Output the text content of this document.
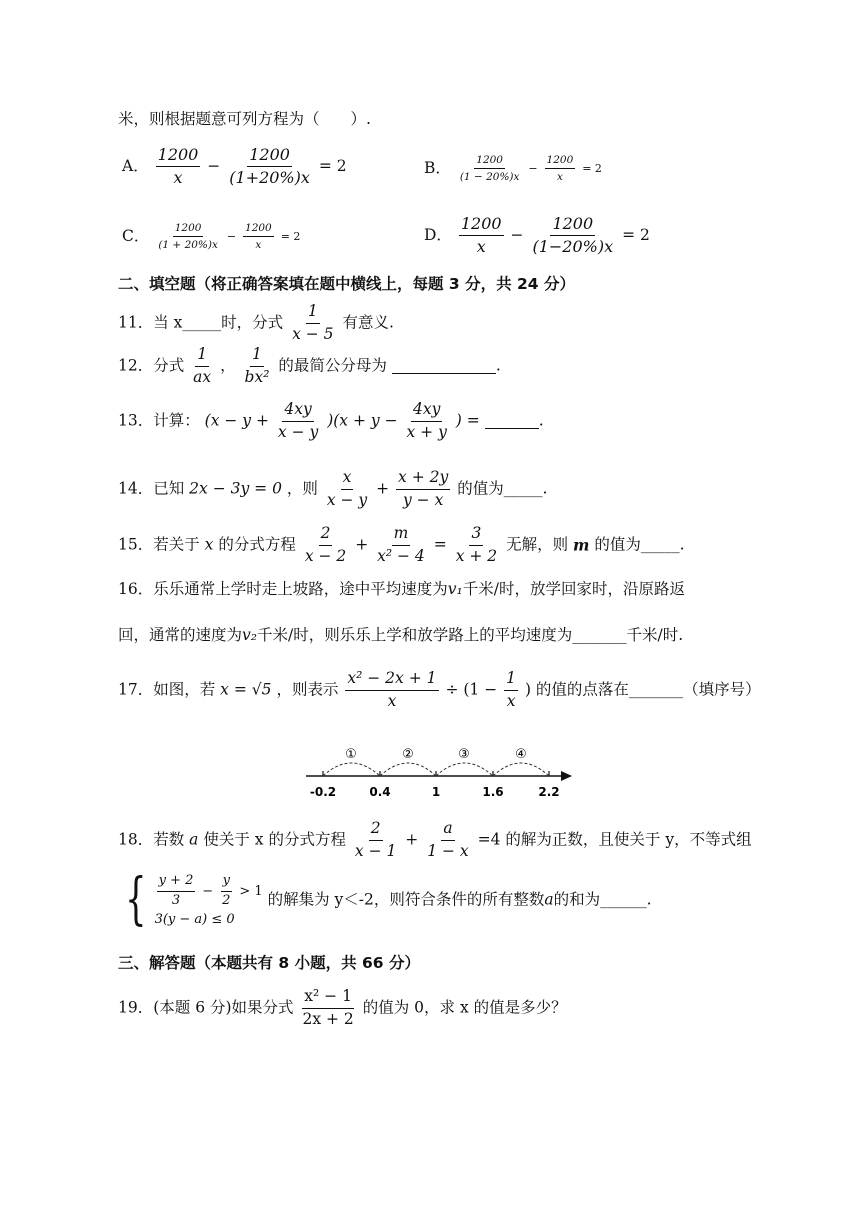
米，则根据题意可列方程为（　　）.
A． $\frac{1200}{x} - \frac{1200}{(1+20\%)x} = 2$	B． $\frac{1200}{(1 - 20\%)x} - \frac{1200}{x} = 2$
C． $\frac{1200}{(1 + 20\%)x} - \frac{1200}{x} = 2$	D． $\frac{1200}{x} - \frac{1200}{(1-20\%)x} = 2$
二、填空题（将正确答案填在题中横线上，每题 3 分，共 24 分）
11．当 x_____时，分式 $\frac{1}{x - 5}$ 有意义.
12．分式 $\frac{1}{ax}$ ， $\frac{1}{\text{bx²}}$ 的最简公分母为	.
13．计算： $(x - y + \frac{4xy}{x - y} )(x + y - \frac{4xy}{x + y}$ ) =	.
14．已知 2x − 3y = 0 ，则 $\frac{x}{x - y} + \frac{x + 2y}{y - x}$ 的值为_____.
15．若关于 x 的分式方程 $\frac{2}{x - 2} + \frac{m}{\text{x² − 4}} = \frac{3}{x + 2}$ 无解，则 m 的值为_____.
16．乐乐通常上学时走上坡路，途中平均速度为v₁千米/时，放学回家时，沿原路返
回，通常的速度为v₂千米/时，则乐乐上学和放学路上的平均速度为_______千米/时.
17．如图，若 x = √5 ，则表示 $\frac{\text{x² − 2x + 1}}{x} \div (1 - \frac{1}{x}$ ) 的值的点落在_______（填序号）
①	②	③	④
-0.2	0.4	1	1.6	2.2
18．若数 a 使关于 x 的分式方程 $\frac{2}{x - 1} + \frac{a}{1 - x} =4$ 的解为正数，且使关于 y，不等式组
{ $\frac{y + 2}{3} - \frac{y}{2} > 1$
3(y − a) ≤ 0
的解集为 y＜-2，则符合条件的所有整数a的和为______.
三、解答题（本题共有 8 小题，共 66 分）
19．(本题 6 分)如果分式 $\frac{\text{x² − 1}}{2x + 2}$ 的值为 0，求 x 的值是多少？
